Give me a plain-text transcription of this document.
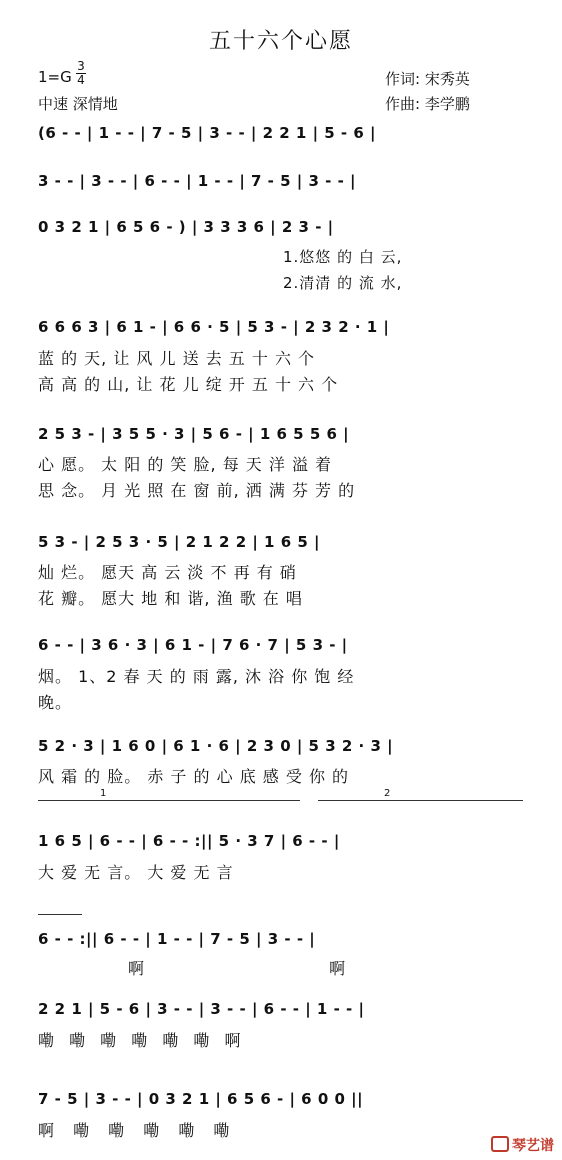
五十六个心愿
1=G
3
4
中速 深情地
作词: 宋秀英
作曲: 李学鹏
(6 - - | 1 - - | 7 - 5 | 3 - - | 2 2 1 | 5 - 6 |
3 - - | 3 - - | 6 - - | 1 - - | 7 - 5 | 3 - - |
0 3 2 1 | 6 5 6 - ) | 3 3 3 6 | 2 3 - |
1.悠悠 的 白 云,
2.清清 的 流 水,
6 6 6 3 | 6 1 - | 6 6 · 5 | 5 3 - | 2 3 2 · 1 |
蓝 的 天, 让 风 儿 送 去 五 十 六 个
高 高 的 山, 让 花 儿 绽 开 五 十 六 个
2 5 3 - | 3 5 5 · 3 | 5 6 - | 1 6 5 5 6 |
心 愿。 太 阳 的 笑 脸, 每 天 洋 溢 着
思 念。 月 光 照 在 窗 前, 洒 满 芬 芳 的
5 3 - | 2 5 3 · 5 | 2 1 2 2 | 1 6 5 |
灿 烂。 愿天 高 云 淡 不 再 有 硝
花 瓣。 愿大 地 和 谐, 渔 歌 在 唱
6 - - | 3 6 · 3 | 6 1 - | 7 6 · 7 | 5 3 - |
烟。 1、2 春 天 的 雨 露, 沐 浴 你 饱 经
晚。
5 2 · 3 | 1 6 0 | 6 1 · 6 | 2 3 0 | 5 3 2 · 3 |
风 霜 的 脸。 赤 子 的 心 底 感 受 你 的
1	2
1 6 5 | 6 - - | 6 - - :|| 5 · 3 7 | 6 - - |
大 爱 无 言。 大 爱 无 言
6 - - :|| 6 - - | 1 - - | 7 - 5 | 3 - - |
啊 啊
2 2 1 | 5 - 6 | 3 - - | 3 - - | 6 - - | 1 - - |
嘞 嘞 嘞 嘞 嘞 嘞 啊
7 - 5 | 3 - - | 0 3 2 1 | 6 5 6 - | 6 0 0 ||
啊 嘞 嘞 嘞 嘞 嘞
琴艺谱
